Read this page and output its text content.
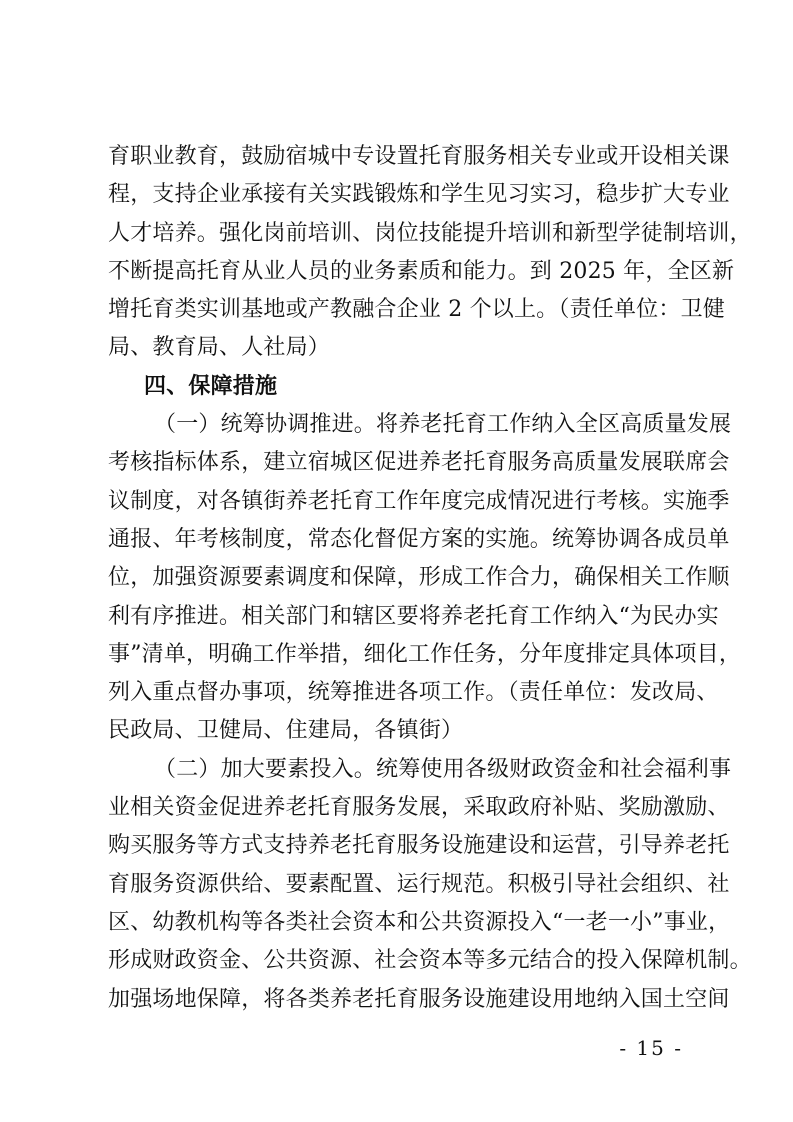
育职业教育，鼓励宿城中专设置托育服务相关专业或开设相关课
程，支持企业承接有关实践锻炼和学生见习实习，稳步扩大专业
人才培养。强化岗前培训、岗位技能提升培训和新型学徒制培训，
不断提高托育从业人员的业务素质和能力。到 2025 年，全区新
增托育类实训基地或产教融合企业 2 个以上。（责任单位：卫健
局、教育局、人社局）
四、保障措施
（一）统筹协调推进。将养老托育工作纳入全区高质量发展
考核指标体系，建立宿城区促进养老托育服务高质量发展联席会
议制度，对各镇街养老托育工作年度完成情况进行考核。实施季
通报、年考核制度，常态化督促方案的实施。统筹协调各成员单
位，加强资源要素调度和保障，形成工作合力，确保相关工作顺
利有序推进。相关部门和辖区要将养老托育工作纳入“为民办实
事”清单，明确工作举措，细化工作任务，分年度排定具体项目，
列入重点督办事项，统筹推进各项工作。（责任单位：发改局、
民政局、卫健局、住建局，各镇街）
（二）加大要素投入。统筹使用各级财政资金和社会福利事
业相关资金促进养老托育服务发展，采取政府补贴、奖励激励、
购买服务等方式支持养老托育服务设施建设和运营，引导养老托
育服务资源供给、要素配置、运行规范。积极引导社会组织、社
区、幼教机构等各类社会资本和公共资源投入“一老一小”事业，
形成财政资金、公共资源、社会资本等多元结合的投入保障机制。
加强场地保障，将各类养老托育服务设施建设用地纳入国土空间
- 15 -
